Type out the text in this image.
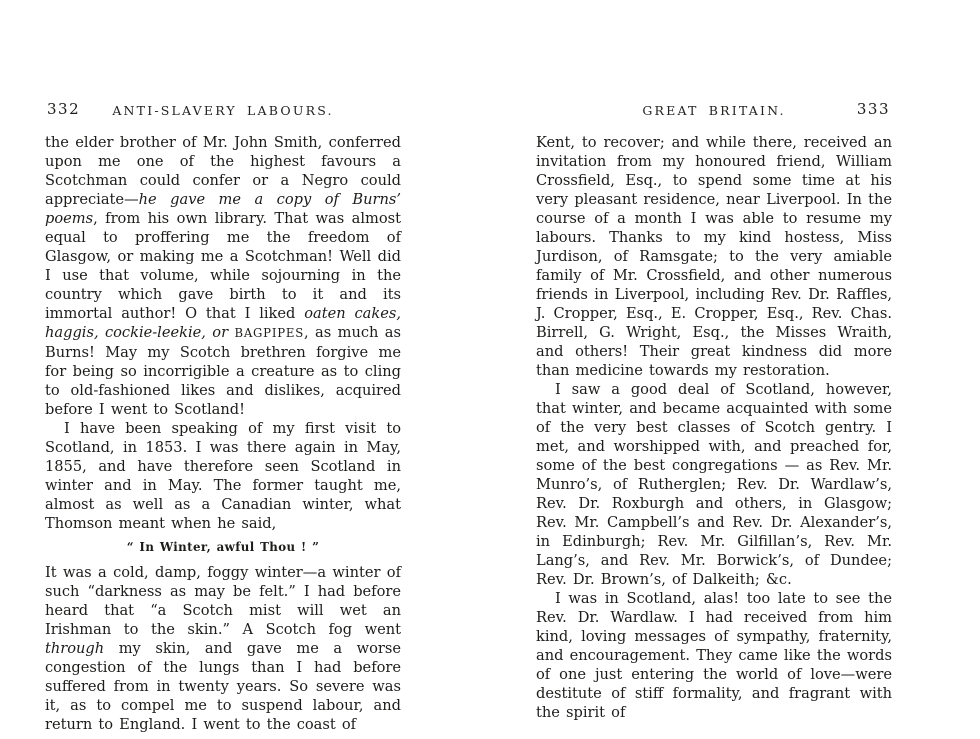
332	ANTI-SLAVERY LABOURS.

the elder brother of Mr. John Smith, conferred upon me one of the highest favours a Scotchman could confer or a Negro could appreciate—he gave me a copy of Burns’ poems, from his own library. That was almost equal to proffering me the freedom of Glasgow, or making me a Scotchman! Well did I use that volume, while sojourning in the country which gave birth to it and its immortal author! O that I liked oaten cakes, haggis, cockie-leekie, or BAGPIPES, as much as Burns! May my Scotch brethren forgive me for being so incorrigible a creature as to cling to old-fashioned likes and dislikes, acquired before I went to Scotland!

I have been speaking of my first visit to Scotland, in 1853. I was there again in May, 1855, and have therefore seen Scotland in winter and in May. The former taught me, almost as well as a Canadian winter, what Thomson meant when he said,

“ In Winter, awful Thou ! ”

It was a cold, damp, foggy winter—a winter of such “darkness as may be felt.” I had before heard that “a Scotch mist will wet an Irishman to the skin.” A Scotch fog went through my skin, and gave me a worse congestion of the lungs than I had before suffered from in twenty years. So severe was it, as to compel me to suspend labour, and return to England. I went to the coast of

GREAT BRITAIN.	333

Kent, to recover; and while there, received an invitation from my honoured friend, William Crossfield, Esq., to spend some time at his very pleasant residence, near Liverpool. In the course of a month I was able to resume my labours. Thanks to my kind hostess, Miss Jurdison, of Ramsgate; to the very amiable family of Mr. Crossfield, and other numerous friends in Liverpool, including Rev. Dr. Raffles, J. Cropper, Esq., E. Cropper, Esq., Rev. Chas. Birrell, G. Wright, Esq., the Misses Wraith, and others! Their great kindness did more than medicine towards my restoration.

I saw a good deal of Scotland, however, that winter, and became acquainted with some of the very best classes of Scotch gentry. I met, and worshipped with, and preached for, some of the best congregations — as Rev. Mr. Munro’s, of Rutherglen; Rev. Dr. Wardlaw’s, Rev. Dr. Roxburgh and others, in Glasgow; Rev. Mr. Campbell’s and Rev. Dr. Alexander’s, in Edinburgh; Rev. Mr. Gilfillan’s, Rev. Mr. Lang’s, and Rev. Mr. Borwick’s, of Dundee; Rev. Dr. Brown’s, of Dalkeith; &c.

I was in Scotland, alas! too late to see the Rev. Dr. Wardlaw. I had received from him kind, loving messages of sympathy, fraternity, and encouragement. They came like the words of one just entering the world of love—were destitute of stiff formality, and fragrant with the spirit of
